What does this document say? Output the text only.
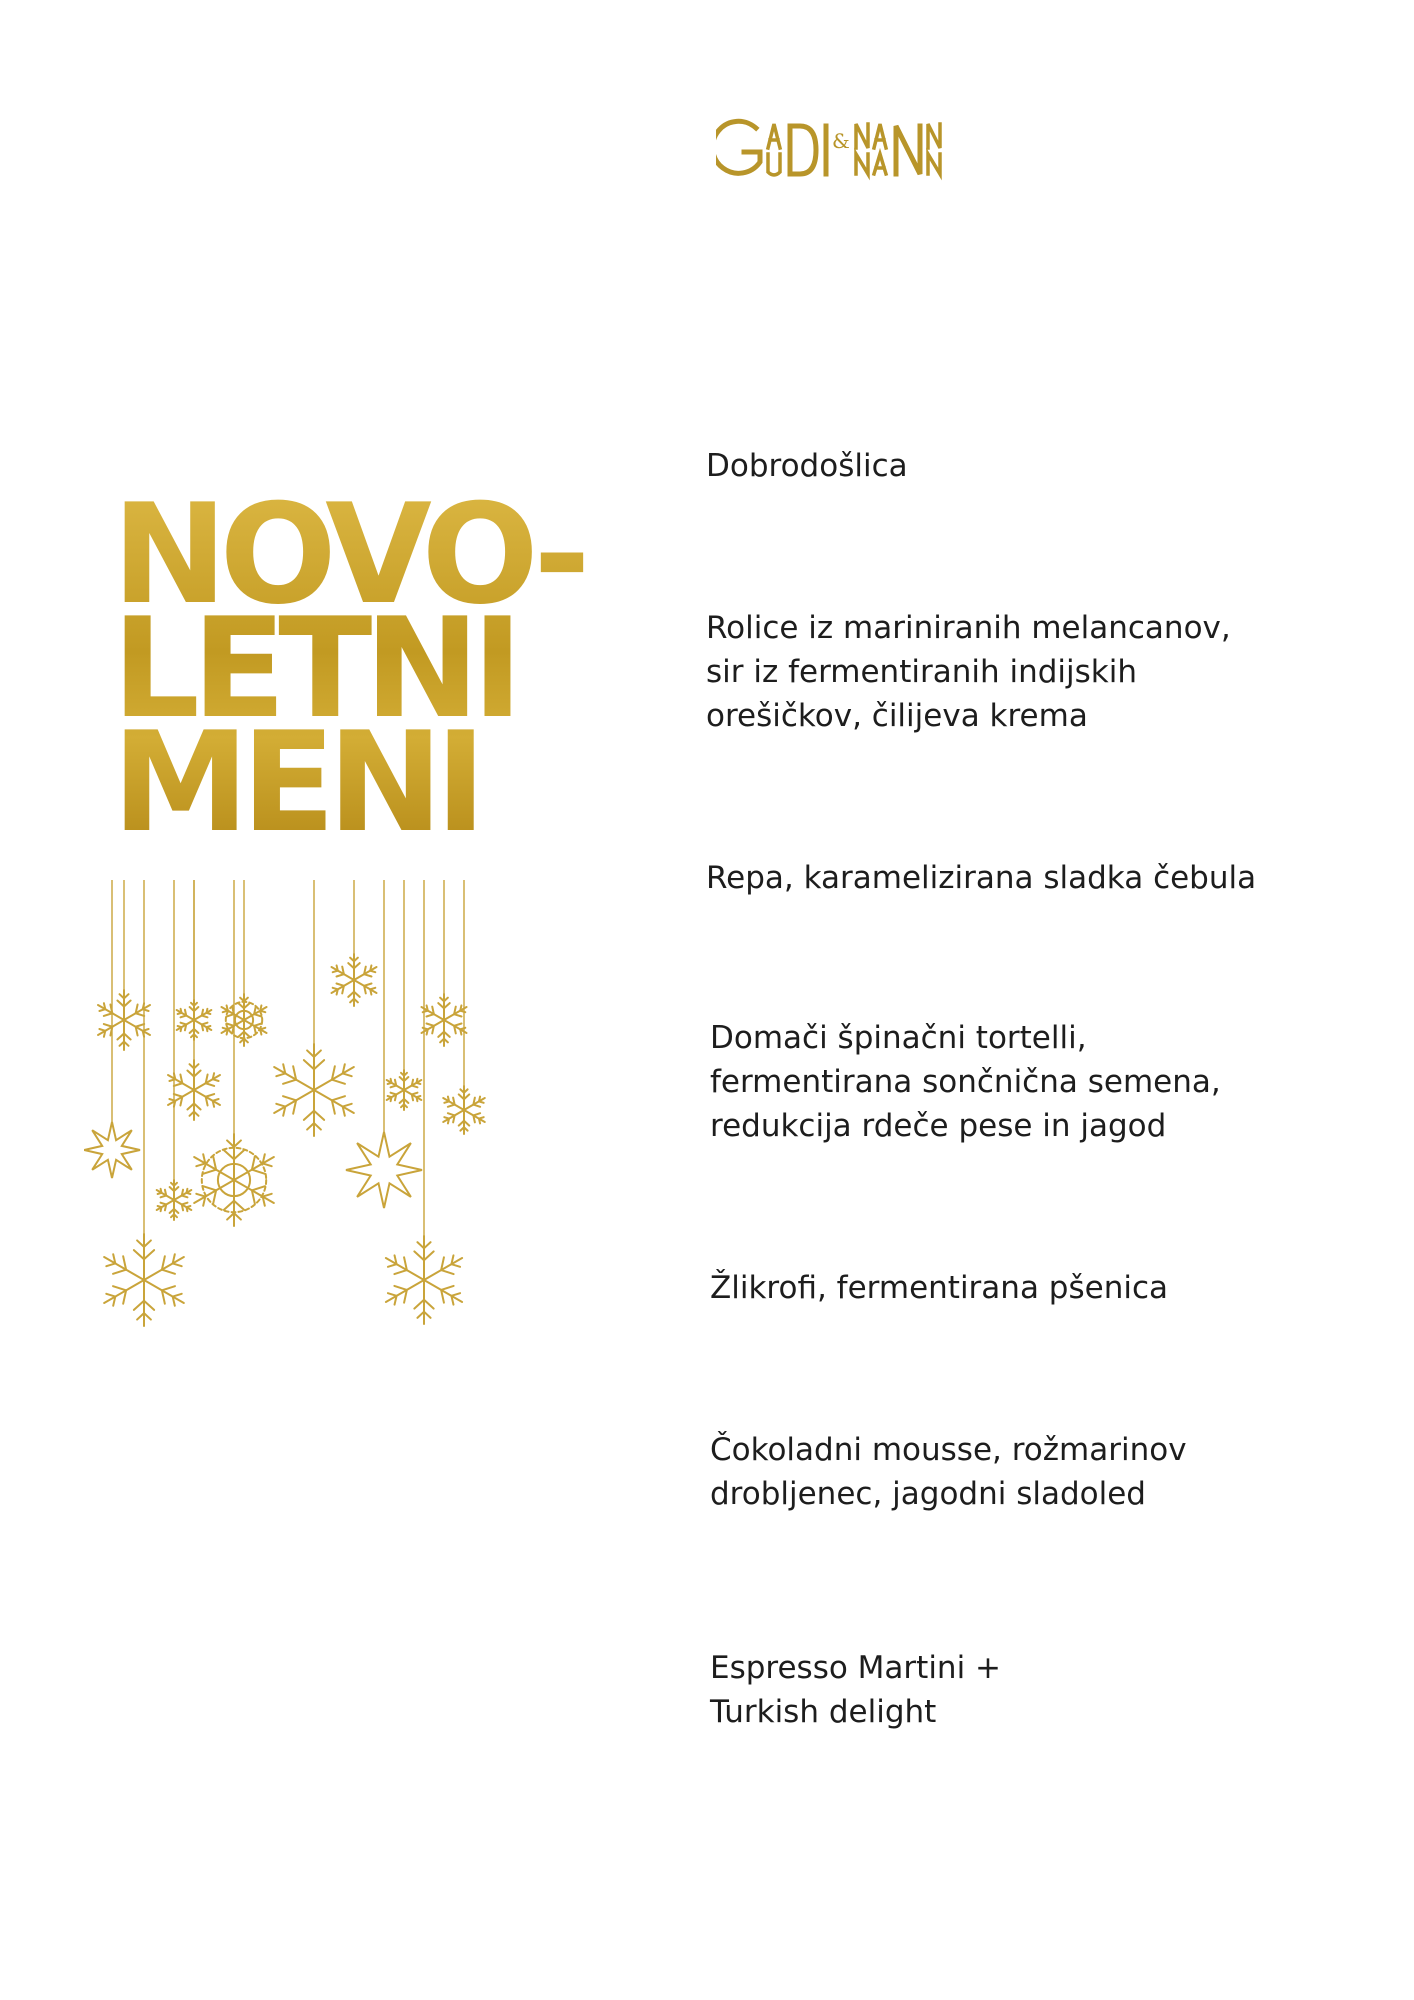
&
NOVO-
LETNI
MENI
Dobrodošlica
Rolice iz mariniranih melancanov,
sir iz fermentiranih indijskih
orešičkov, čilijeva krema
Repa, karamelizirana sladka čebula
Domači špinačni tortelli,
fermentirana sončnična semena,
redukcija rdeče pese in jagod
Žlikrofi, fermentirana pšenica
Čokoladni mousse, rožmarinov
drobljenec, jagodni sladoled
Espresso Martini +
Turkish delight
